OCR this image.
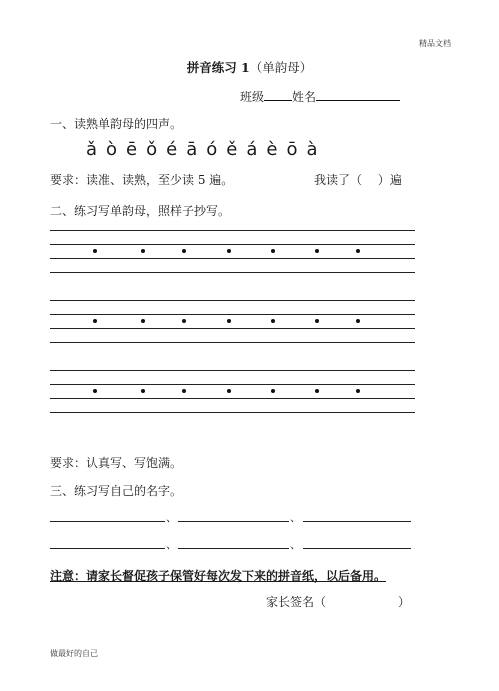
精品文档
拼音练习 1（单韵母）
班级 姓名
一、读熟单韵母的四声。
ǎ ò ē ǒ é ā ó ě á è ō à
要求：读准、读熟，至少读 5 遍。	我读了（　 ）遍
二、练习写单韵母，照样子抄写。
要求：认真写、写饱满。
三、练习写自己的名字。
、	、
、	、
注意：请家长督促孩子保管好每次发下来的拼音纸，以后备用。
家长签名（　　　　　　）
做最好的自己
